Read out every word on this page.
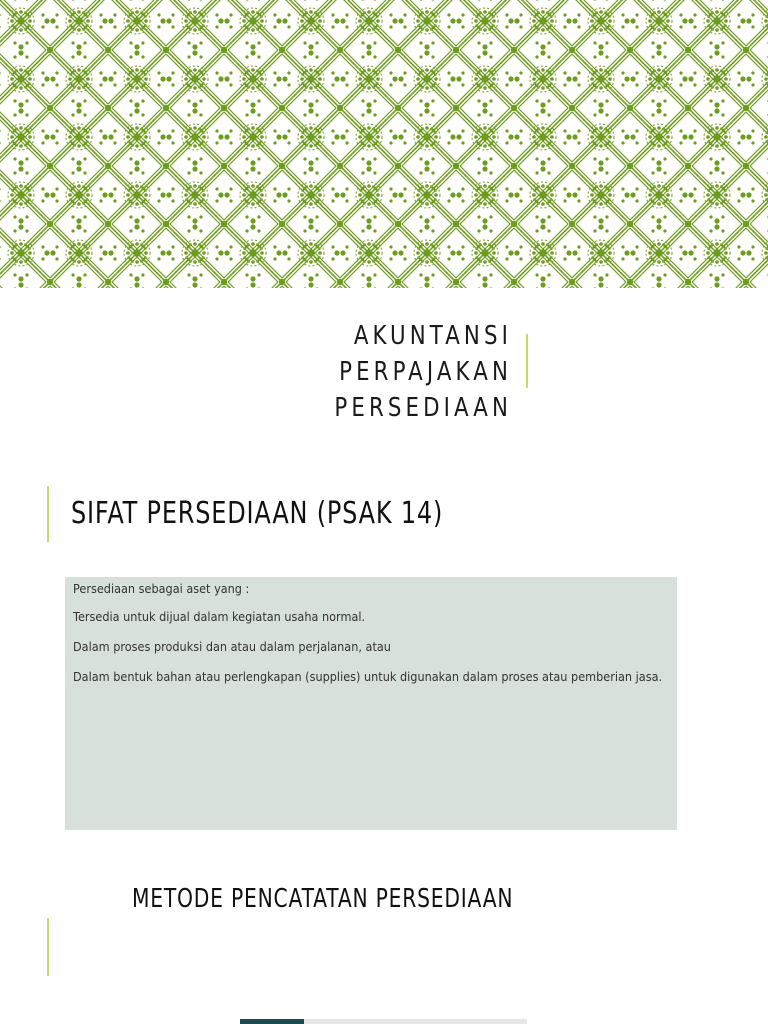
AKUNTANSI PERPAJAKAN
PERSEDIAAN
SIFAT PERSEDIAAN (PSAK 14)

Persediaan sebagai aset yang :

Tersedia untuk dijual dalam kegiatan usaha normal.

Dalam proses produksi dan atau dalam perjalanan, atau

Dalam bentuk bahan atau perlengkapan (supplies) untuk digunakan dalam proses atau pemberian jasa.

METODE PENCATATAN PERSEDIAAN
